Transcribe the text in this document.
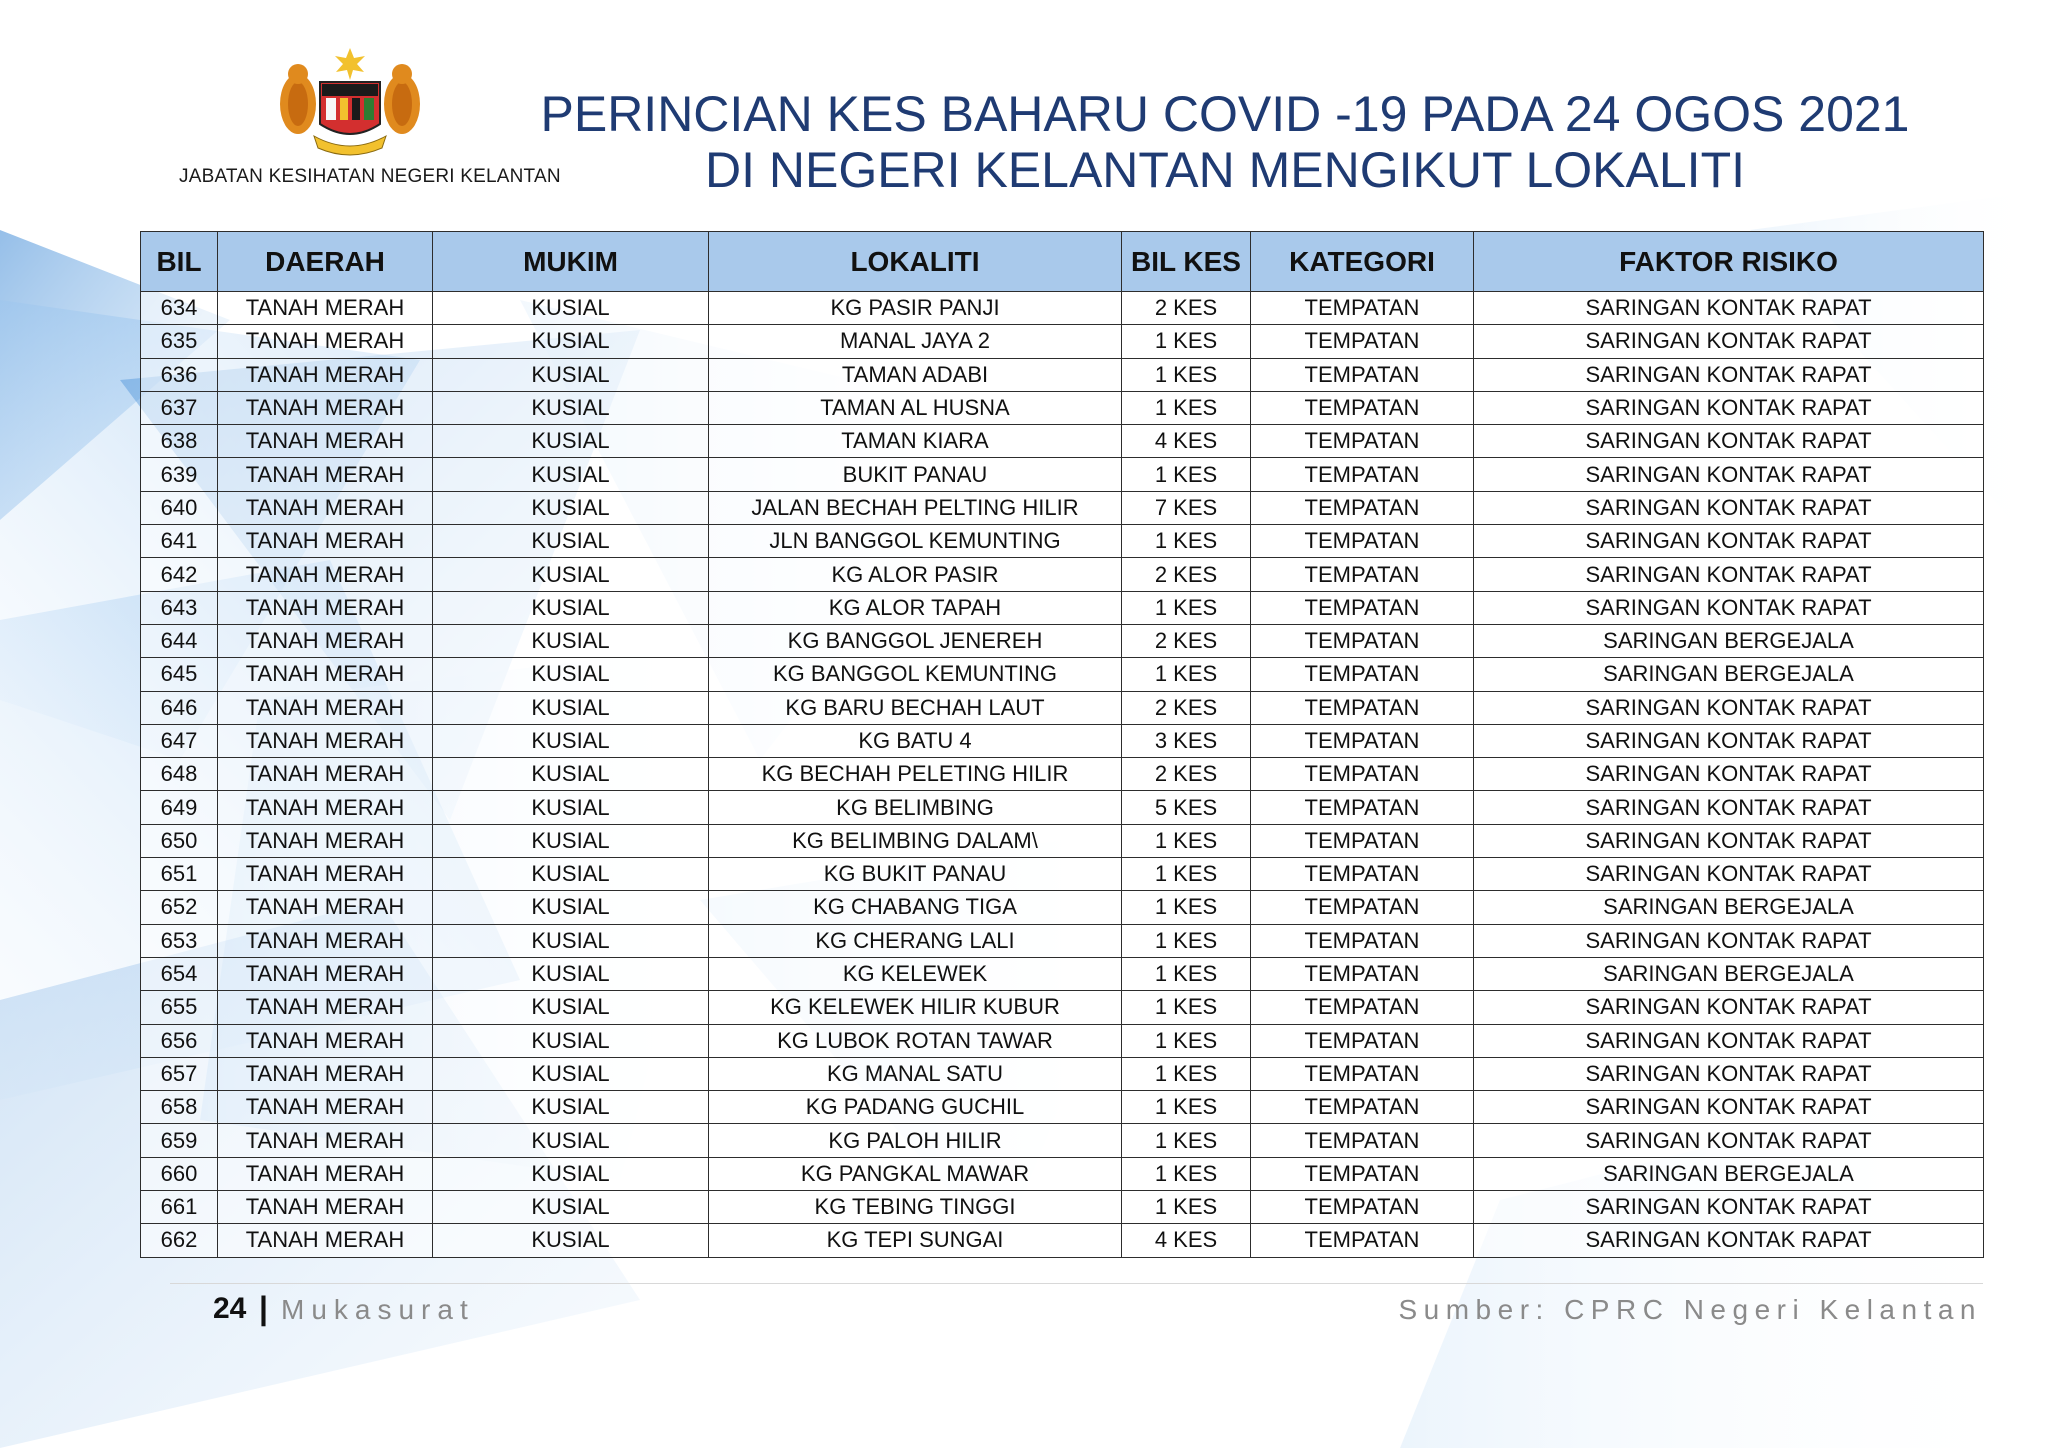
JABATAN KESIHATAN NEGERI KELANTAN
PERINCIAN KES BAHARU COVID -19 PADA 24 OGOS 2021
DI NEGERI KELANTAN MENGIKUT LOKALITI
BIL	DAERAH	MUKIM	LOKALITI	BIL KES	KATEGORI	FAKTOR RISIKO
634	TANAH MERAH	KUSIAL	KG PASIR PANJI	2 KES	TEMPATAN	SARINGAN KONTAK RAPAT
635	TANAH MERAH	KUSIAL	MANAL JAYA 2	1 KES	TEMPATAN	SARINGAN KONTAK RAPAT
636	TANAH MERAH	KUSIAL	TAMAN ADABI	1 KES	TEMPATAN	SARINGAN KONTAK RAPAT
637	TANAH MERAH	KUSIAL	TAMAN AL HUSNA	1 KES	TEMPATAN	SARINGAN KONTAK RAPAT
638	TANAH MERAH	KUSIAL	TAMAN KIARA	4 KES	TEMPATAN	SARINGAN KONTAK RAPAT
639	TANAH MERAH	KUSIAL	BUKIT PANAU	1 KES	TEMPATAN	SARINGAN KONTAK RAPAT
640	TANAH MERAH	KUSIAL	JALAN BECHAH PELTING HILIR	7 KES	TEMPATAN	SARINGAN KONTAK RAPAT
641	TANAH MERAH	KUSIAL	JLN BANGGOL KEMUNTING	1 KES	TEMPATAN	SARINGAN KONTAK RAPAT
642	TANAH MERAH	KUSIAL	KG ALOR PASIR	2 KES	TEMPATAN	SARINGAN KONTAK RAPAT
643	TANAH MERAH	KUSIAL	KG ALOR TAPAH	1 KES	TEMPATAN	SARINGAN KONTAK RAPAT
644	TANAH MERAH	KUSIAL	KG BANGGOL JENEREH	2 KES	TEMPATAN	SARINGAN BERGEJALA
645	TANAH MERAH	KUSIAL	KG BANGGOL KEMUNTING	1 KES	TEMPATAN	SARINGAN BERGEJALA
646	TANAH MERAH	KUSIAL	KG BARU BECHAH LAUT	2 KES	TEMPATAN	SARINGAN KONTAK RAPAT
647	TANAH MERAH	KUSIAL	KG BATU 4	3 KES	TEMPATAN	SARINGAN KONTAK RAPAT
648	TANAH MERAH	KUSIAL	KG BECHAH PELETING HILIR	2 KES	TEMPATAN	SARINGAN KONTAK RAPAT
649	TANAH MERAH	KUSIAL	KG BELIMBING	5 KES	TEMPATAN	SARINGAN KONTAK RAPAT
650	TANAH MERAH	KUSIAL	KG BELIMBING DALAM\	1 KES	TEMPATAN	SARINGAN KONTAK RAPAT
651	TANAH MERAH	KUSIAL	KG BUKIT PANAU	1 KES	TEMPATAN	SARINGAN KONTAK RAPAT
652	TANAH MERAH	KUSIAL	KG CHABANG TIGA	1 KES	TEMPATAN	SARINGAN BERGEJALA
653	TANAH MERAH	KUSIAL	KG CHERANG LALI	1 KES	TEMPATAN	SARINGAN KONTAK RAPAT
654	TANAH MERAH	KUSIAL	KG KELEWEK	1 KES	TEMPATAN	SARINGAN BERGEJALA
655	TANAH MERAH	KUSIAL	KG KELEWEK HILIR KUBUR	1 KES	TEMPATAN	SARINGAN KONTAK RAPAT
656	TANAH MERAH	KUSIAL	KG LUBOK ROTAN TAWAR	1 KES	TEMPATAN	SARINGAN KONTAK RAPAT
657	TANAH MERAH	KUSIAL	KG MANAL SATU	1 KES	TEMPATAN	SARINGAN KONTAK RAPAT
658	TANAH MERAH	KUSIAL	KG PADANG GUCHIL	1 KES	TEMPATAN	SARINGAN KONTAK RAPAT
659	TANAH MERAH	KUSIAL	KG PALOH HILIR	1 KES	TEMPATAN	SARINGAN KONTAK RAPAT
660	TANAH MERAH	KUSIAL	KG PANGKAL MAWAR	1 KES	TEMPATAN	SARINGAN BERGEJALA
661	TANAH MERAH	KUSIAL	KG TEBING TINGGI	1 KES	TEMPATAN	SARINGAN KONTAK RAPAT
662	TANAH MERAH	KUSIAL	KG TEPI SUNGAI	4 KES	TEMPATAN	SARINGAN KONTAK RAPAT
24 | Mukasurat	Sumber: CPRC Negeri Kelantan
